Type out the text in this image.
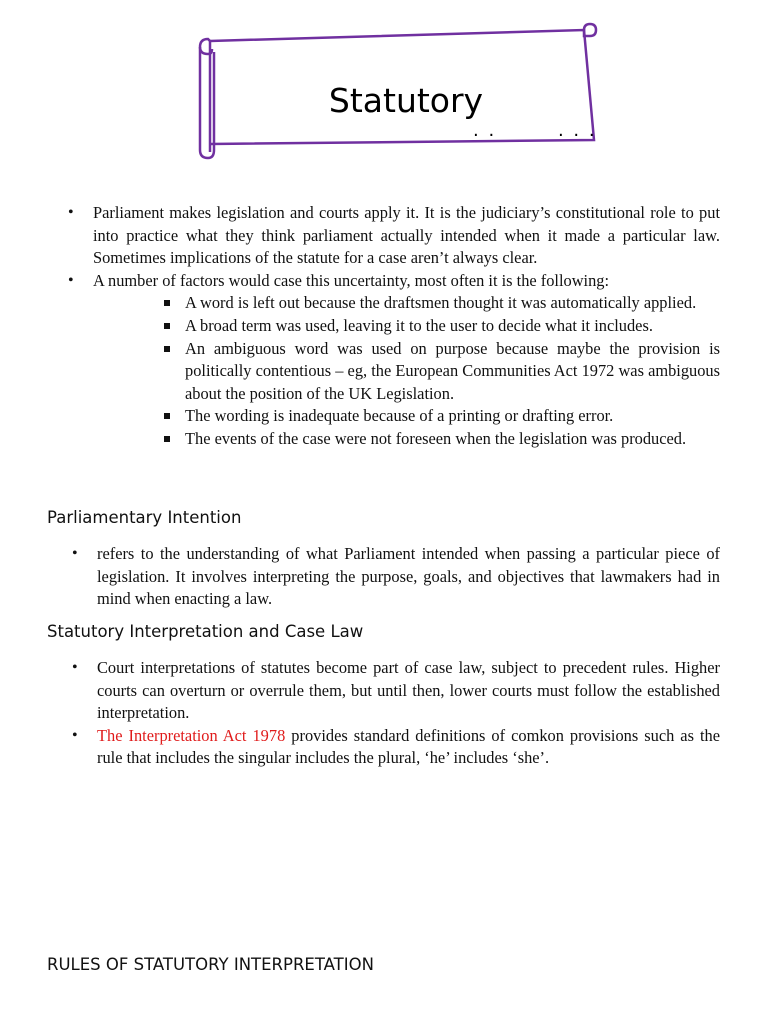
Statutory
· ·        · · ·
• Parliament makes legislation and courts apply it. It is the judiciary’s constitutional role to put into practice what they think parliament actually intended when it made a particular law. Sometimes implications of the statute for a case aren’t always clear.
• A number of factors would case this uncertainty, most often it is the following:
A word is left out because the draftsmen thought it was automatically applied.
A broad term was used, leaving it to the user to decide what it includes.
An ambiguous word was used on purpose because maybe the provision is politically contentious – eg, the European Communities Act 1972 was ambiguous about the position of the UK Legislation.
The wording is inadequate because of a printing or drafting error.
The events of the case were not foreseen when the legislation was produced.
Parliamentary Intention
• refers to the understanding of what Parliament intended when passing a particular piece of legislation. It involves interpreting the purpose, goals, and objectives that lawmakers had in mind when enacting a law.
Statutory Interpretation and Case Law
• Court interpretations of statutes become part of case law, subject to precedent rules. Higher courts can overturn or overrule them, but until then, lower courts must follow the established interpretation.
• The Interpretation Act 1978 provides standard definitions of comkon provisions such as the rule that includes the singular includes the plural, ‘he’ includes ‘she’.
RULES OF STATUTORY INTERPRETATION
